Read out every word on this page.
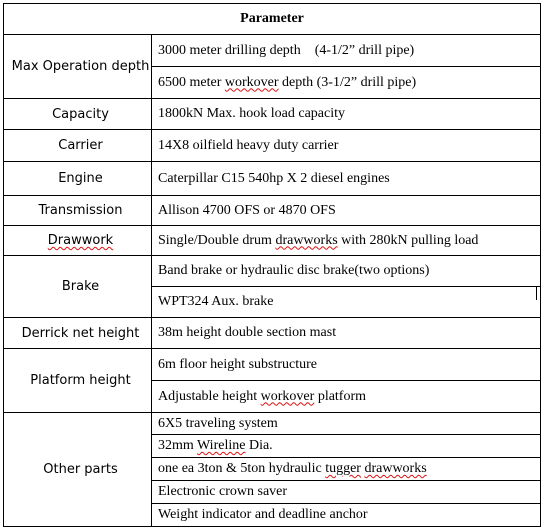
Parameter	
Max Operation depth	3000 meter drilling depth    (4-1/2” drill pipe)
	6500 meter workover depth (3-1/2” drill pipe)
Capacity	1800kN Max. hook load capacity
Carrier	14X8 oilfield heavy duty carrier
Engine	Caterpillar C15 540hp X 2 diesel engines
Transmission	Allison 4700 OFS or 4870 OFS
Drawwork	Single/Double drum drawworks with 280kN pulling load
Brake	Band brake or hydraulic disc brake(two options)
	WPT324 Aux. brake
Derrick net height	38m height double section mast
Platform height	6m floor height substructure
	Adjustable height workover platform
Other parts	6X5 traveling system
	32mm Wireline Dia.
	one ea 3ton & 5ton hydraulic tugger drawworks
	Electronic crown saver
	Weight indicator and deadline anchor
